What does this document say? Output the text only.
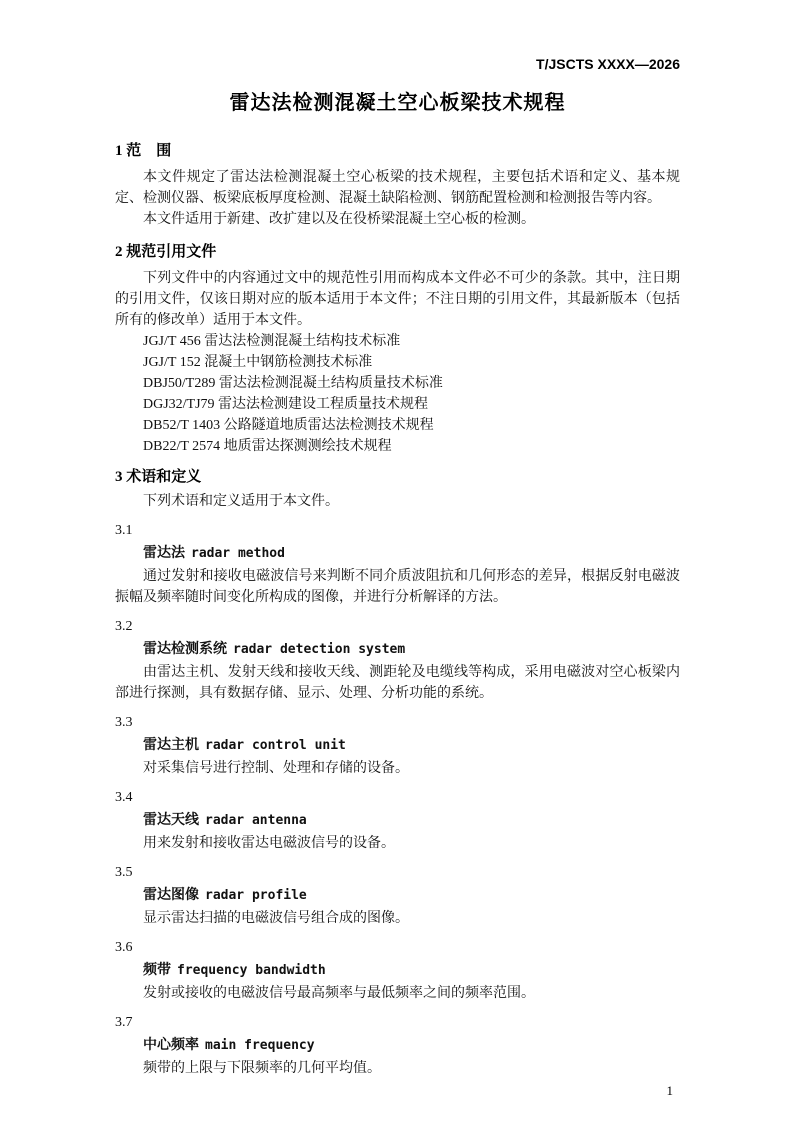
T/JSCTS XXXX—2026
雷达法检测混凝土空心板梁技术规程
1 范　围

本文件规定了雷达法检测混凝土空心板梁的技术规程，主要包括术语和定义、基本规定、检测仪器、板梁底板厚度检测、混凝土缺陷检测、钢筋配置检测和检测报告等内容。

本文件适用于新建、改扩建以及在役桥梁混凝土空心板的检测。

2 规范引用文件

下列文件中的内容通过文中的规范性引用而构成本文件必不可少的条款。其中，注日期的引用文件，仅该日期对应的版本适用于本文件；不注日期的引用文件，其最新版本（包括所有的修改单）适用于本文件。

JGJ/T 456 雷达法检测混凝土结构技术标准

JGJ/T 152 混凝土中钢筋检测技术标准

DBJ50/T289 雷达法检测混凝土结构质量技术标准

DGJ32/TJ79 雷达法检测建设工程质量技术规程

DB52/T 1403 公路隧道地质雷达法检测技术规程

DB22/T 2574 地质雷达探测测绘技术规程

3 术语和定义

下列术语和定义适用于本文件。

3.1

雷达法 radar method

通过发射和接收电磁波信号来判断不同介质波阻抗和几何形态的差异，根据反射电磁波振幅及频率随时间变化所构成的图像，并进行分析解译的方法。

3.2

雷达检测系统 radar detection system

由雷达主机、发射天线和接收天线、测距轮及电缆线等构成，采用电磁波对空心板梁内部进行探测，具有数据存储、显示、处理、分析功能的系统。

3.3

雷达主机 radar control unit

对采集信号进行控制、处理和存储的设备。

3.4

雷达天线 radar antenna

用来发射和接收雷达电磁波信号的设备。

3.5

雷达图像 radar profile

显示雷达扫描的电磁波信号组合成的图像。

3.6

频带 frequency bandwidth

发射或接收的电磁波信号最高频率与最低频率之间的频率范围。

3.7

中心频率 main frequency

频带的上限与下限频率的几何平均值。

1
